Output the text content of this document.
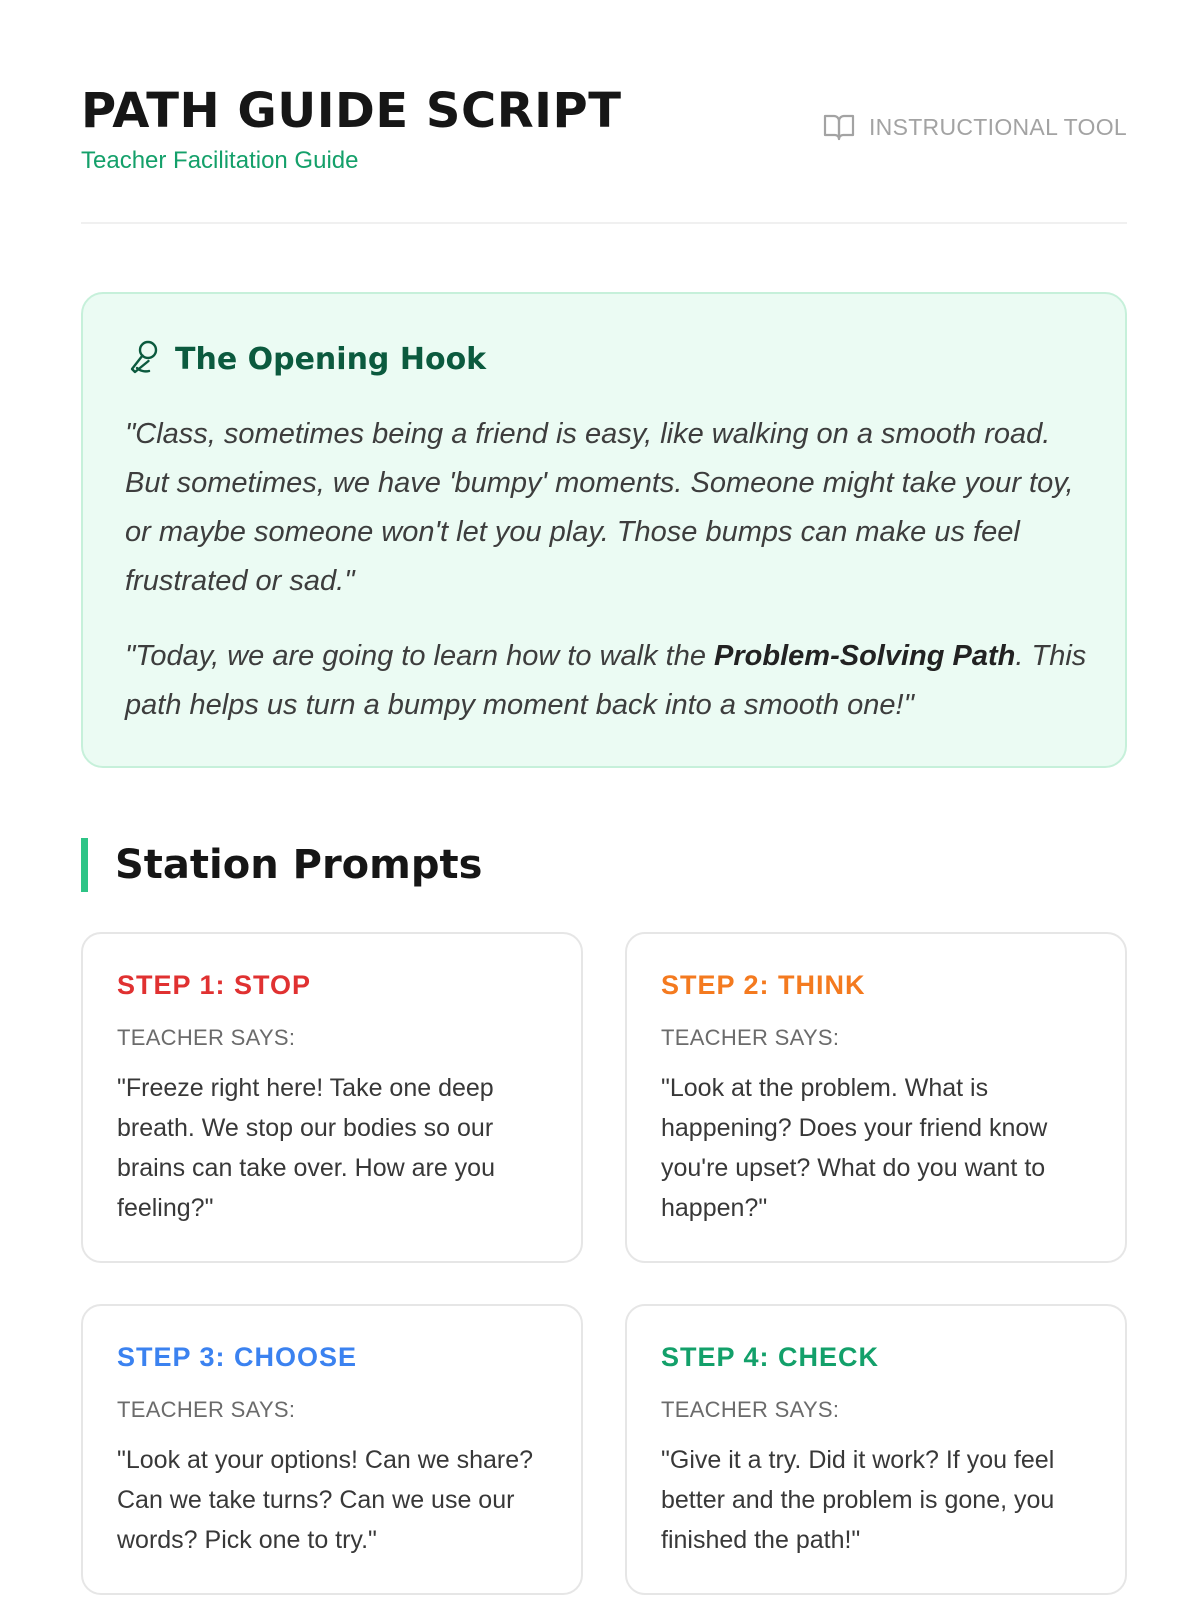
PATH GUIDE SCRIPT
Teacher Facilitation Guide
INSTRUCTIONAL TOOL
The Opening Hook

"Class, sometimes being a friend is easy, like walking on a smooth road. But sometimes, we have 'bumpy' moments. Someone might take your toy, or maybe someone won't let you play. Those bumps can make us feel frustrated or sad."

"Today, we are going to learn how to walk the Problem-Solving Path. This path helps us turn a bumpy moment back into a smooth one!"

Station Prompts
STEP 1: STOP
TEACHER SAYS:
"Freeze right here! Take one deep breath. We stop our bodies so our brains can take over. How are you feeling?"
STEP 2: THINK
TEACHER SAYS:
"Look at the problem. What is happening? Does your friend know you're upset? What do you want to happen?"
STEP 3: CHOOSE
TEACHER SAYS:
"Look at your options! Can we share? Can we take turns? Can we use our words? Pick one to try."
STEP 4: CHECK
TEACHER SAYS:
"Give it a try. Did it work? If you feel better and the problem is gone, you finished the path!"
